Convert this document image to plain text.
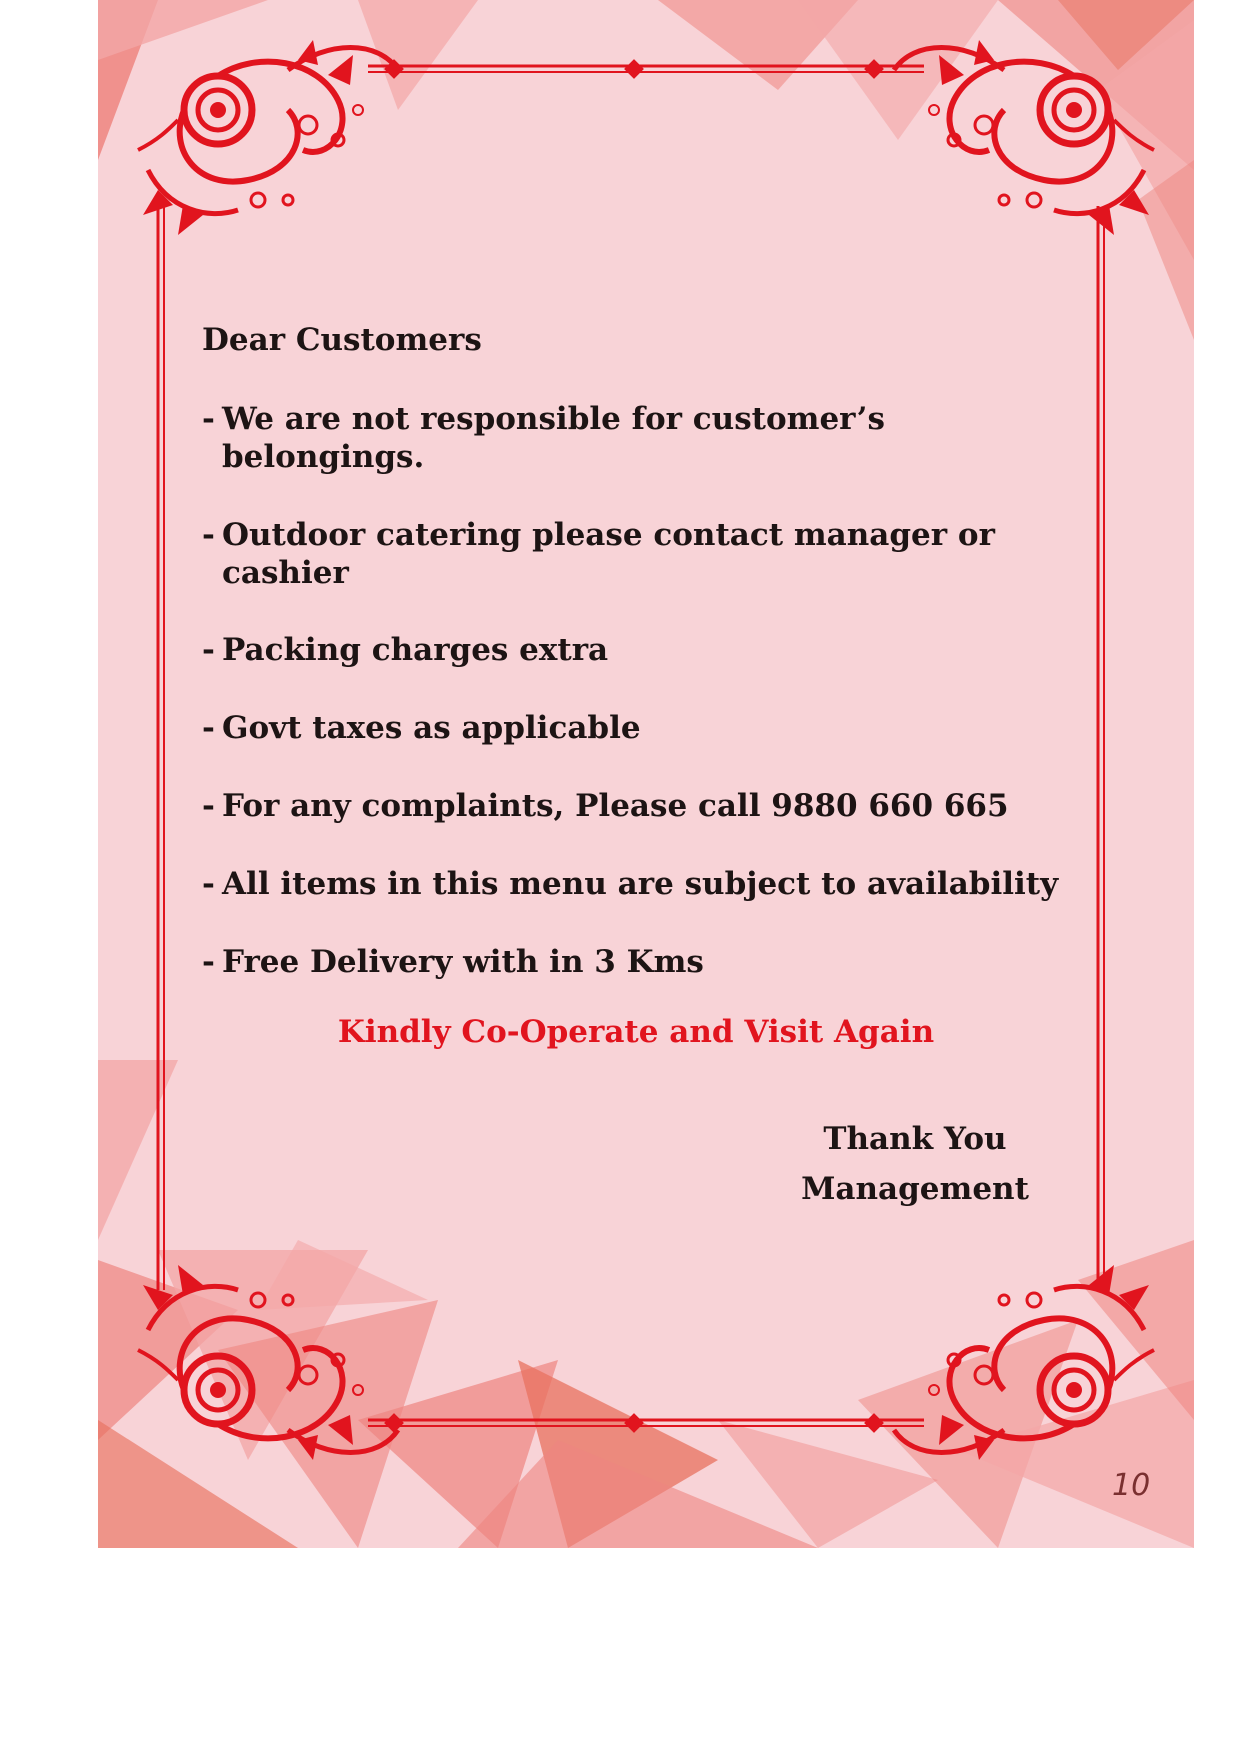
Dear Customers

- We are not responsible for customer’s belongings.
- Outdoor catering please contact manager or
cashier
- Packing charges extra
- Govt taxes as applicable
- For any complaints, Please call 9880 660 665
- All items in this menu are subject to availability
- Free Delivery with in 3 Kms

Kindly Co-Operate and Visit Again

Thank You
Management
10
